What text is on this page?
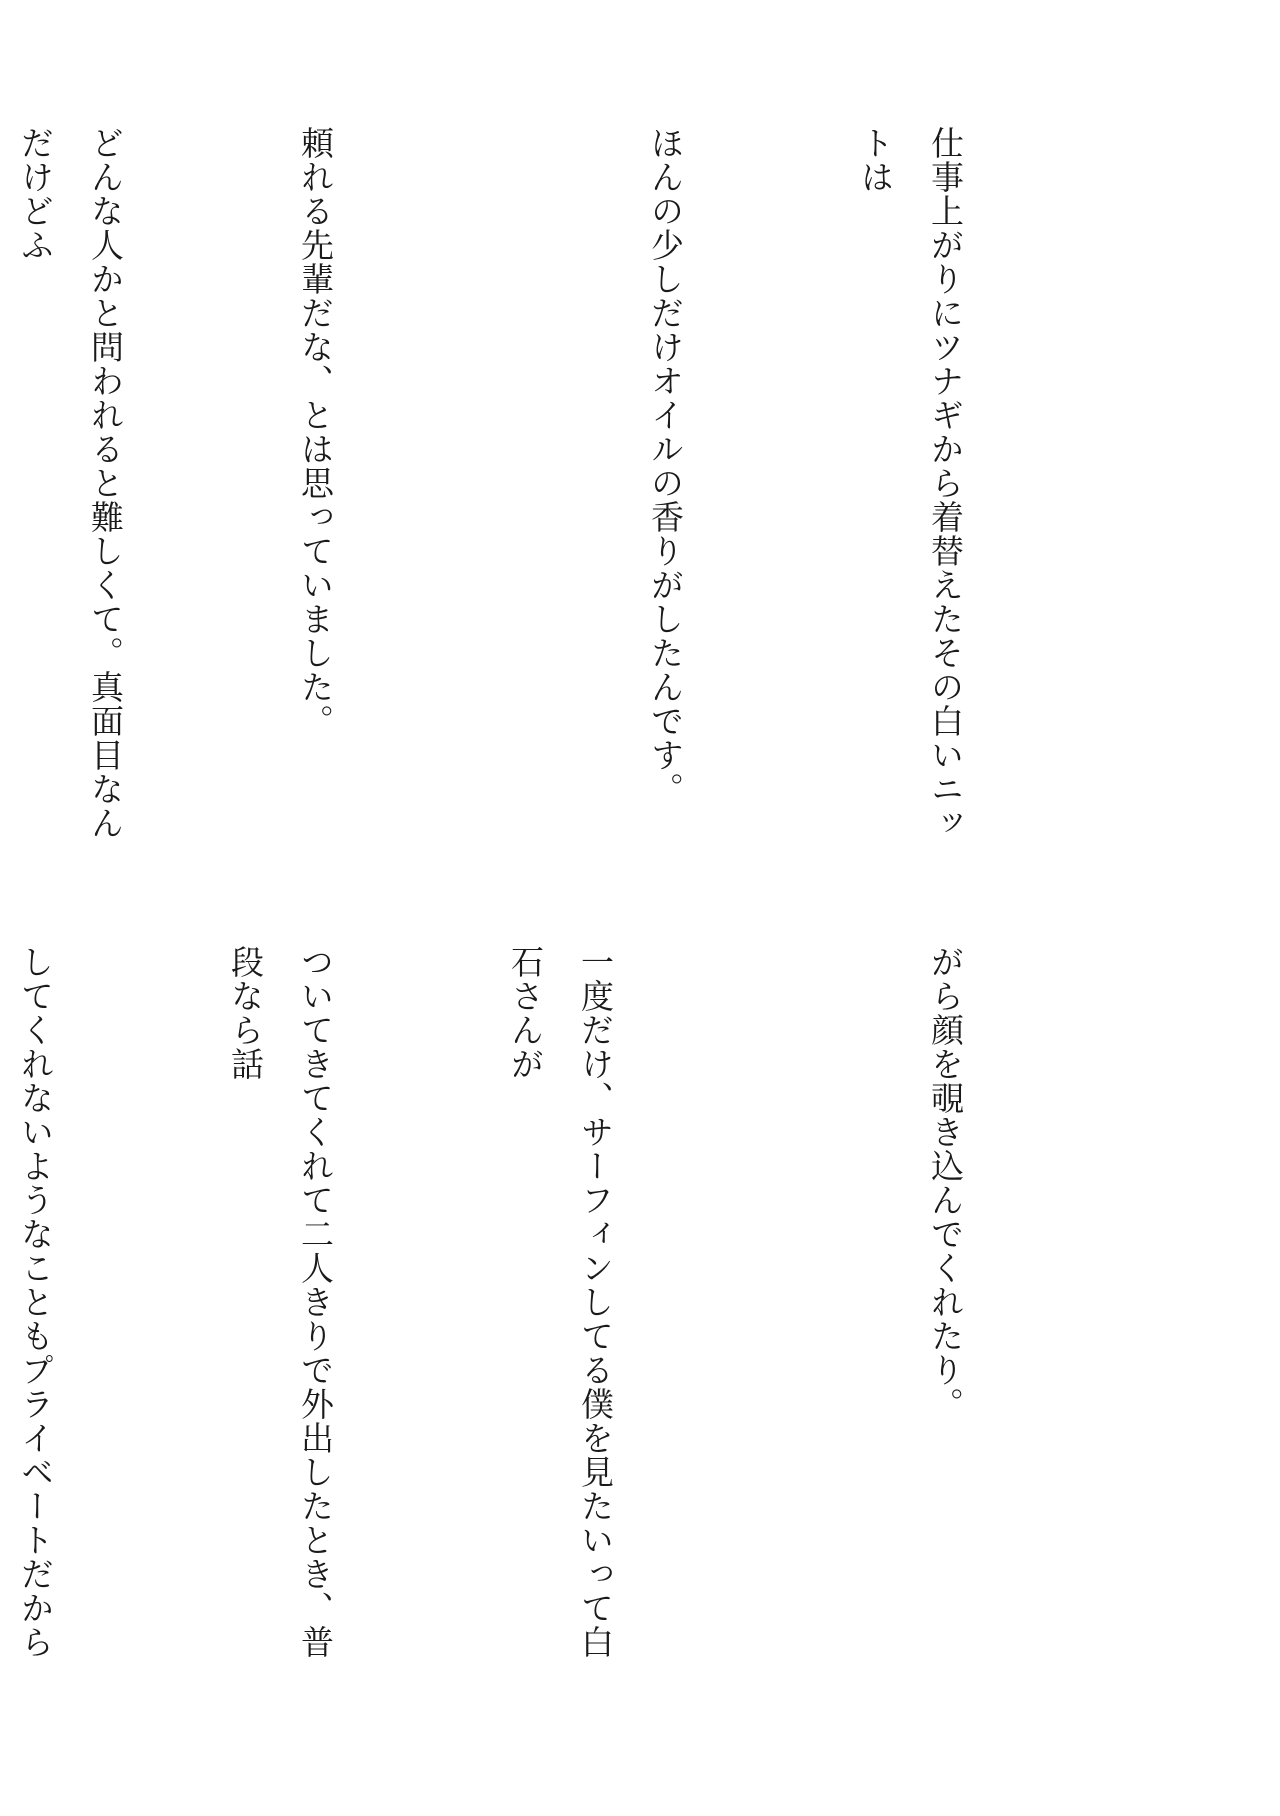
仕事上がりにツナギから着替えたその白いニットは

ほんの少しだけオイルの香りがしたんです。

頼れる先輩だな、とは思っていました。

どんな人かと問われると難しくて。真面目なんだけどふ

がら顔を覗き込んでくれたり。

一度だけ、サーフィンしてる僕を見たいって白石さんが

ついてきてくれて二人きりで外出したとき、普段なら話

してくれないようなこともプライベートだから
